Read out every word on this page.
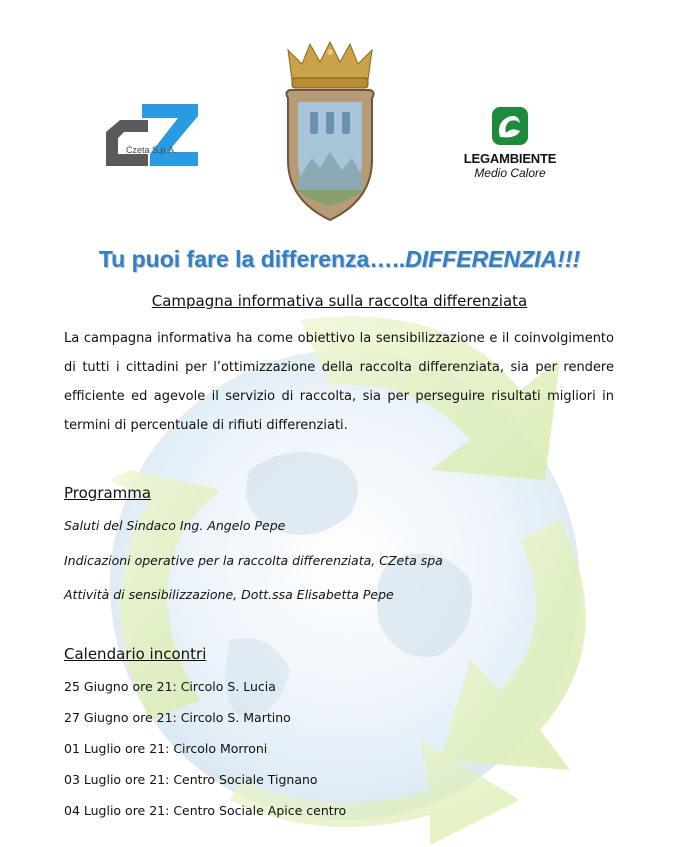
Czeta S.p.A.
LEGAMBIENTE
Medio Calore
Tu puoi fare la differenza…..DIFFERENZIA!!!
Campagna informativa sulla raccolta differenziata
La campagna informativa ha come obiettivo la sensibilizzazione e il coinvolgimento di tutti i cittadini per l’ottimizzazione della raccolta differenziata, sia per rendere efficiente ed agevole il servizio di raccolta, sia per perseguire risultati migliori in termini di percentuale di rifiuti differenziati.
Programma
Saluti del Sindaco Ing. Angelo Pepe
Indicazioni operative per la raccolta differenziata, CZeta spa
Attività di sensibilizzazione, Dott.ssa Elisabetta Pepe
Calendario incontri
25 Giugno ore 21: Circolo S. Lucia
27 Giugno ore 21: Circolo S. Martino
01 Luglio ore 21: Circolo Morroni
03 Luglio ore 21: Centro Sociale Tignano
04 Luglio ore 21: Centro Sociale Apice centro
